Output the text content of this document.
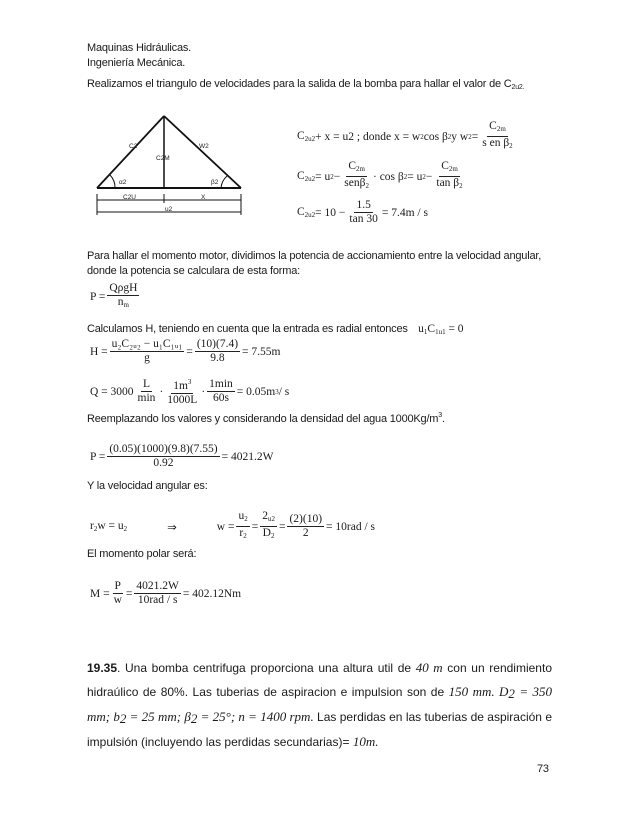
Maquinas Hidráulicas.
Ingeniería Mecánica.
Realizamos el triangulo de velocidades para la salida de la bomba para hallar el valor de $C_{2u2.}$
C2
C2M
W2
α2	β2
C2U	X
u2
$C_{2u2} + x = u2$ ; donde x = w 2 cos β 2 y w $2 = \frac{C_{2m}}{s en \beta_2}$
$C_{2u2} = u$ $2 - \frac{C_{2m}}{sen\beta_2} \cdot \cos \beta$ 2 = u $2 - \frac{C_{2m}}{\tan \beta_2}$
$C_{2u2} = 10 - \frac{1.5}{\tan 30} = 7.4m / s$
Para hallar el momento motor, dividimos la potencia de accionamiento entre la velocidad angular,
donde la potencia se calculara de esta forma:
$P = \frac{\text{QρgH}}{n_m}$
Calculamos H, teniendo en cuenta que la entrada es radial entonces $u_1C_{1u1} = 0$
$H = \frac{\text{u₂C₂ᵤ₂ − u₁C₁ᵤ₁}}{g} = \frac{(10)(7.4)}{9.8} = 7.55m$
$Q = 3000 \frac{L}{\min} \cdot \frac{1m^3}{1000L} \cdot \frac{1\min}{60s} = 0.05m$ 3 / s
Reemplazando los valores y considerando la densidad del agua $1000Kg/m^3$.
$P = \frac{(0.05)(1000)(9.8)(7.55)}{0.92} = 4021.2W$
Y la velocidad angular es:
$r_2w = u_2$	⇒	$w = \frac{u_2}{r_2} = \frac{2_{u2}}{D_2} = \frac{(2)(10)}{2} = 10rad / s$
El momento polar será:
$M = \frac{P}{w} = \frac{4021.2W}{\text{10rad / s}} = 402.12Nm$
19.35. Una bomba centrifuga proporciona una altura util de 40 m con un rendimiento hidraúlico de 80%. Las tuberias de aspiracion e impulsion son de 150 mm. $D_2 = 350$ mm; $b_2 = 25$ mm; $\beta_2 = 25^\circ$; n = 1400 rpm. Las perdidas en las tuberias de aspiración e impulsión (incluyendo las perdidas secundarias)= 10m.
73
